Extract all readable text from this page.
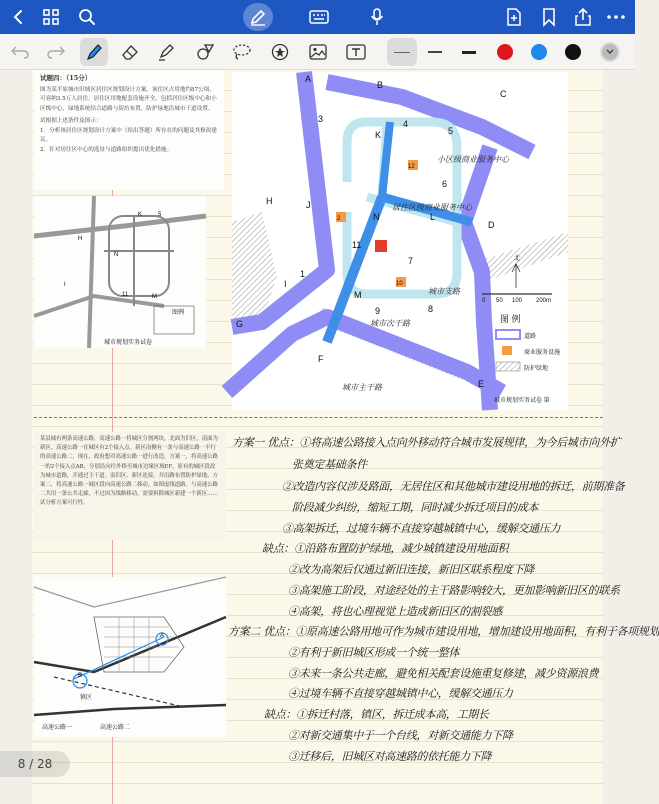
试题四：（15分）
图为某平原城市旧城区居住区规划设计方案。该住区占用地约87公顷，可容纳3.5万人居住。居住区用地配套设施齐全，包括居住区级中心和小区级中心，绿地系统结合道路与街坊布置，防护绿地沿城市干道设置。
试根据上述条件及图示：
1．分析该居住区规划设计方案中（给出答题）所存在的问题及其修改建议。
2．针对居住区中心的选址与道路组织提出优化措施。
K	5
N
H
I
M
11
图例
城市规划实务试卷
A
B
C
D
E
F
G
H
I
J
K
L
M
N
1
2
3	4
5
6
7
8
9
10
11
12
小区级商业服务中心
居住区级商业服务中心
城市支路
城市次干路
城市主干路
北
0 50 100 200m
图 例
道路
商业服务设施
防护绿地
城市规划实务试卷 第
某县城有两条高速公路，高速公路一将城区分割两块，北面为旧区，南面为新区。高速公路一在城区有2个接入点。新区南侧有一条与高速公路一平行的高速公路二，现在，政府想对高速公路一进行改造。方案一，将高速公路一的2个接入点AB，分别沿向往外移至城市边缘区域EF，原有的城区段改为城市道路，开通过主干道。南旧区、新区连接。并沿路布置防护绿地。方案二，将高速公路一城区段向高速公路二移动，如图虚线道路。与高速公路二共用一条公共走廊，不过因为线路移动，需要拆除城区新建一个新区……
试分析方案可行性。
A
B
镇区
高速公路一	高速公路二
方案一 优点：①将高速公路接入点向外移动符合城市发展规律，为今后城市向外扩
张奠定基础条件
②改造内容仅涉及路面，无居住区和其他城市建设用地的拆迁，前期准备
阶段减少纠纷，缩短工期，同时减少拆迁项目的成本
③高架拆迁，过境车辆不直接穿越城镇中心，缓解交通压力
缺点：①沿路布置防护绿地，减少城镇建设用地面积
②改为高架后仅通过新旧连接，新旧区联系程度下降
③高架施工阶段，对途经处的主干路影响较大，更加影响新旧区的联系
④高架，将也心理视觉上造成新旧区的割裂感
方案二 优点：①原高速公路用地可作为城市建设用地，增加建设用地面积，有利于各项规划
②有利于新旧城区形成一个统一整体
③未来一条公共走廊，避免相关配套设施重复修建，减少资源浪费
④过境车辆不直接穿越城镇中心，缓解交通压力
缺点：①拆迁村落，镇区，拆迁成本高，工期长
②对新交通集中于一个台线，对新交通能力下降
③迁移后，旧城区对高速路的依托能力下降
8 / 28
